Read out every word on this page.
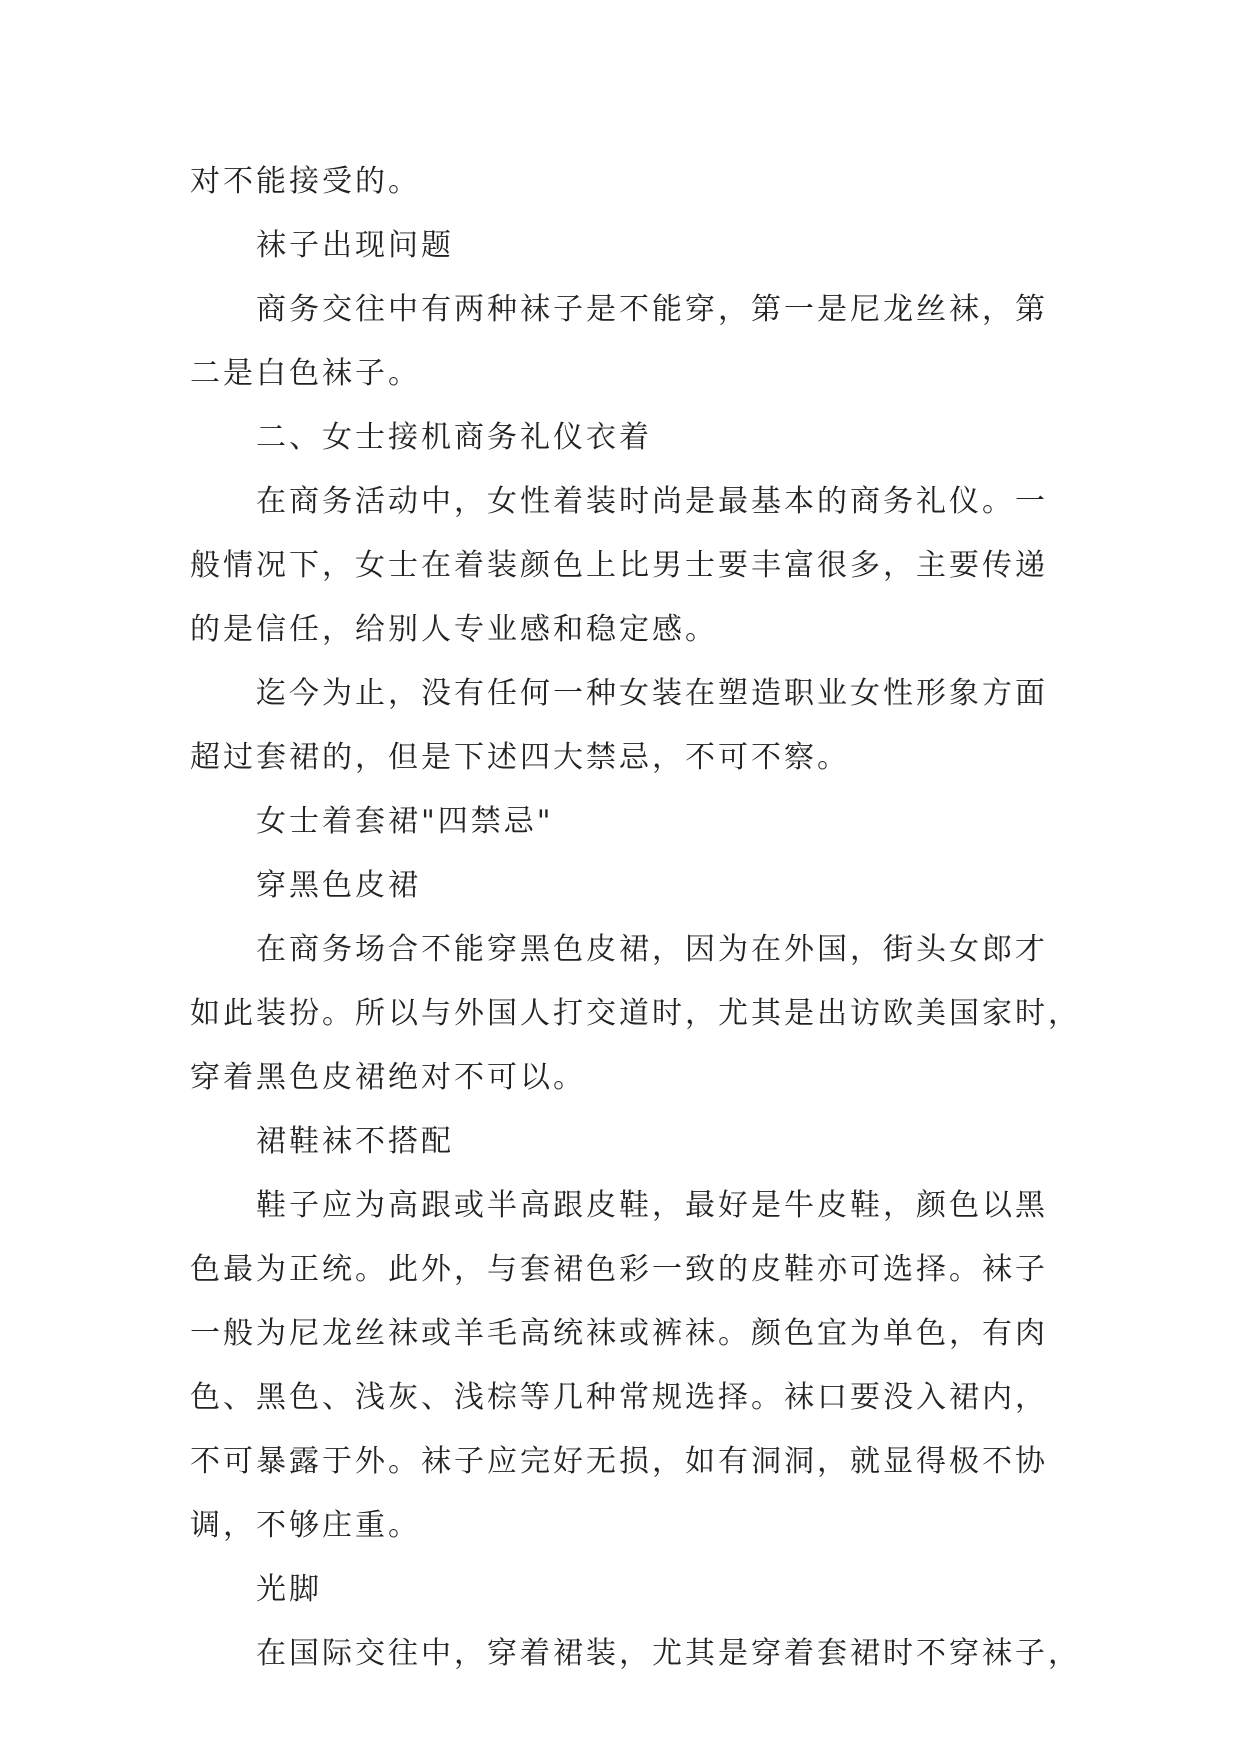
对不能接受的。
袜子出现问题
商务交往中有两种袜子是不能穿，第一是尼龙丝袜，第
二是白色袜子。
二、女士接机商务礼仪衣着
在商务活动中，女性着装时尚是最基本的商务礼仪。一
般情况下，女士在着装颜色上比男士要丰富很多，主要传递
的是信任，给别人专业感和稳定感。
迄今为止，没有任何一种女装在塑造职业女性形象方面
超过套裙的，但是下述四大禁忌，不可不察。
女士着套裙"四禁忌"
穿黑色皮裙
在商务场合不能穿黑色皮裙，因为在外国，街头女郎才
如此装扮。所以与外国人打交道时，尤其是出访欧美国家时，
穿着黑色皮裙绝对不可以。
裙鞋袜不搭配
鞋子应为高跟或半高跟皮鞋，最好是牛皮鞋，颜色以黑
色最为正统。此外，与套裙色彩一致的皮鞋亦可选择。袜子
一般为尼龙丝袜或羊毛高统袜或裤袜。颜色宜为单色，有肉
色、黑色、浅灰、浅棕等几种常规选择。袜口要没入裙内，
不可暴露于外。袜子应完好无损，如有洞洞，就显得极不协
调，不够庄重。
光脚
在国际交往中，穿着裙装，尤其是穿着套裙时不穿袜子，
